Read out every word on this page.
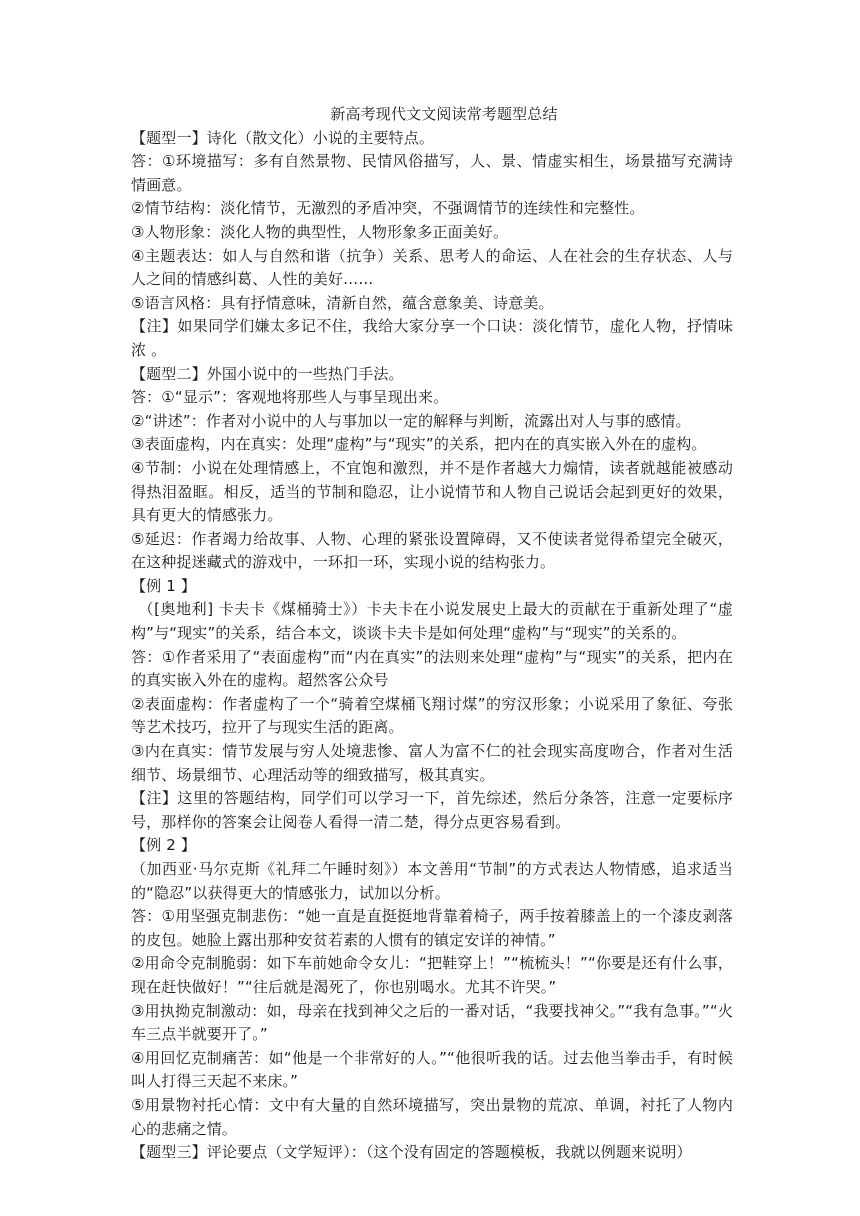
新高考现代文文阅读常考题型总结

【题型一】诗化（散文化）小说的主要特点。

答：①环境描写：多有自然景物、民情风俗描写，人、景、情虚实相生，场景描写充满诗情画意。

②情节结构：淡化情节，无激烈的矛盾冲突，不强调情节的连续性和完整性。

③人物形象：淡化人物的典型性，人物形象多正面美好。

④主题表达：如人与自然和谐（抗争）关系、思考人的命运、人在社会的生存状态、人与人之间的情感纠葛、人性的美好……

⑤语言风格：具有抒情意味，清新自然，蕴含意象美、诗意美。

【注】如果同学们嫌太多记不住，我给大家分享一个口诀：淡化情节，虚化人物，抒情味浓 。

【题型二】外国小说中的一些热门手法。

答：①“显示”：客观地将那些人与事呈现出来。

②“讲述”：作者对小说中的人与事加以一定的解释与判断，流露出对人与事的感情。

③表面虚构，内在真实：处理“虚构”与“现实”的关系，把内在的真实嵌入外在的虚构。

④节制：小说在处理情感上，不宜饱和激烈，并不是作者越大力煽情，读者就越能被感动得热泪盈眶。相反，适当的节制和隐忍，让小说情节和人物自己说话会起到更好的效果，具有更大的情感张力。

⑤延迟：作者竭力给故事、人物、心理的紧张设置障碍，又不使读者觉得希望完全破灭，在这种捉迷藏式的游戏中，一环扣一环，实现小说的结构张力。

【例 1 】

（[奥地利] 卡夫卡《煤桶骑士》）卡夫卡在小说发展史上最大的贡献在于重新处理了“虚构”与“现实”的关系，结合本文，谈谈卡夫卡是如何处理“虚构”与“现实”的关系的。

答：①作者采用了“表面虚构”而“内在真实”的法则来处理“虚构”与“现实”的关系，把内在的真实嵌入外在的虚构。超然客公众号

②表面虚构：作者虚构了一个“骑着空煤桶飞翔讨煤”的穷汉形象；小说采用了象征、夸张等艺术技巧，拉开了与现实生活的距离。

③内在真实：情节发展与穷人处境悲惨、富人为富不仁的社会现实高度吻合，作者对生活细节、场景细节、心理活动等的细致描写，极其真实。

【注】这里的答题结构，同学们可以学习一下，首先综述，然后分条答，注意一定要标序号，那样你的答案会让阅卷人看得一清二楚，得分点更容易看到。

【例 2 】

（加西亚·马尔克斯《礼拜二午睡时刻》）本文善用“节制”的方式表达人物情感，追求适当的“隐忍”以获得更大的情感张力，试加以分析。

答：①用坚强克制悲伤：“她一直是直挺挺地背靠着椅子，两手按着膝盖上的一个漆皮剥落的皮包。她脸上露出那种安贫若素的人惯有的镇定安详的神情。”

②用命令克制脆弱：如下车前她命令女儿：“把鞋穿上！”“梳梳头！”“你要是还有什么事，现在赶快做好！”“往后就是渴死了，你也别喝水。尤其不许哭。”

③用执拗克制激动：如，母亲在找到神父之后的一番对话，“我要找神父。”“我有急事。”“火车三点半就要开了。”

④用回忆克制痛苦：如“他是一个非常好的人。”“他很听我的话。过去他当拳击手，有时候叫人打得三天起不来床。”

⑤用景物衬托心情：文中有大量的自然环境描写，突出景物的荒凉、单调，衬托了人物内心的悲痛之情。

【题型三】评论要点（文学短评）：（这个没有固定的答题模板，我就以例题来说明）
